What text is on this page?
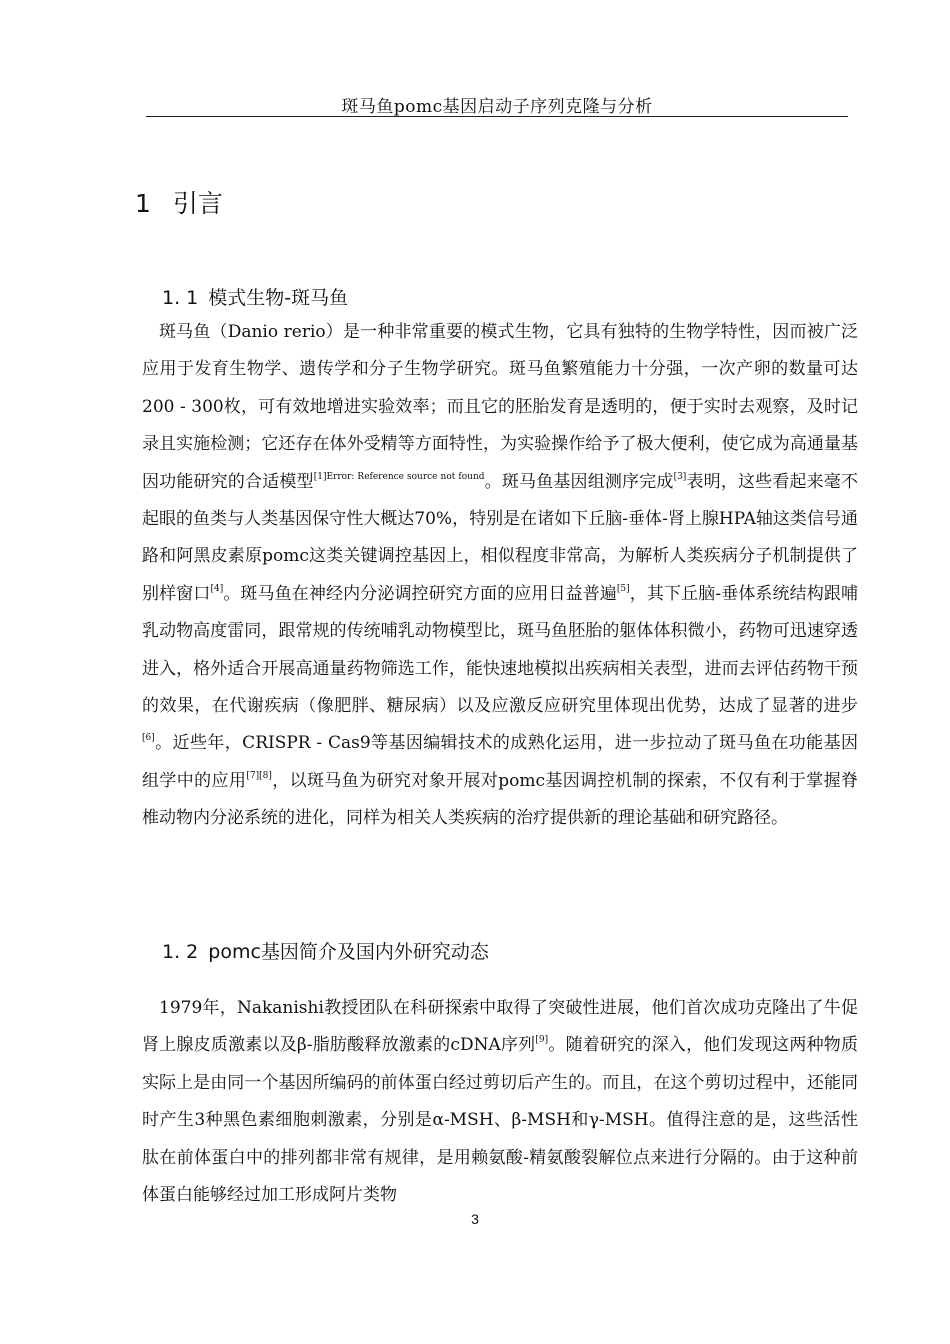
斑马鱼pomc基因启动子序列克隆与分析
1 引言
1. 1 模式生物-斑马鱼
斑马鱼（Danio rerio）是一种非常重要的模式生物，它具有独特的生物学特性，因而被广泛应用于发育生物学、遗传学和分子生物学研究。斑马鱼繁殖能力十分强，一次产卵的数量可达200 - 300枚，可有效地增进实验效率；而且它的胚胎发育是透明的，便于实时去观察，及时记录且实施检测；它还存在体外受精等方面特性，为实验操作给予了极大便利，使它成为高通量基因功能研究的合适模型$^{[1]Error: Reference source not found}$。斑马鱼基因组测序完成[3]表明，这些看起来毫不起眼的鱼类与人类基因保守性大概达70%，特别是在诸如下丘脑-垂体-肾上腺HPA轴这类信号通路和阿黑皮素原pomc这类关键调控基因上，相似程度非常高，为解析人类疾病分子机制提供了别样窗口[4]。斑马鱼在神经内分泌调控研究方面的应用日益普遍[5]，其下丘脑-垂体系统结构跟哺乳动物高度雷同，跟常规的传统哺乳动物模型比，斑马鱼胚胎的躯体体积微小，药物可迅速穿透进入，格外适合开展高通量药物筛选工作，能快速地模拟出疾病相关表型，进而去评估药物干预的效果，在代谢疾病（像肥胖、糖尿病）以及应激反应研究里体现出优势，达成了显著的进步[6]。近些年，CRISPR - Cas9等基因编辑技术的成熟化运用，进一步拉动了斑马鱼在功能基因组学中的应用[7][8]，以斑马鱼为研究对象开展对pomc基因调控机制的探索，不仅有利于掌握脊椎动物内分泌系统的进化，同样为相关人类疾病的治疗提供新的理论基础和研究路径。
1. 2 pomc基因简介及国内外研究动态
1979年，Nakanishi教授团队在科研探索中取得了突破性进展，他们首次成功克隆出了牛促肾上腺皮质激素以及β-脂肪酸释放激素的cDNA序列[9]。随着研究的深入，他们发现这两种物质实际上是由同一个基因所编码的前体蛋白经过剪切后产生的。而且，在这个剪切过程中，还能同时产生3种黑色素细胞刺激素，分别是α-MSH、β-MSH和γ-MSH。值得注意的是，这些活性肽在前体蛋白中的排列都非常有规律，是用赖氨酸-精氨酸裂解位点来进行分隔的。由于这种前体蛋白能够经过加工形成阿片类物
3
